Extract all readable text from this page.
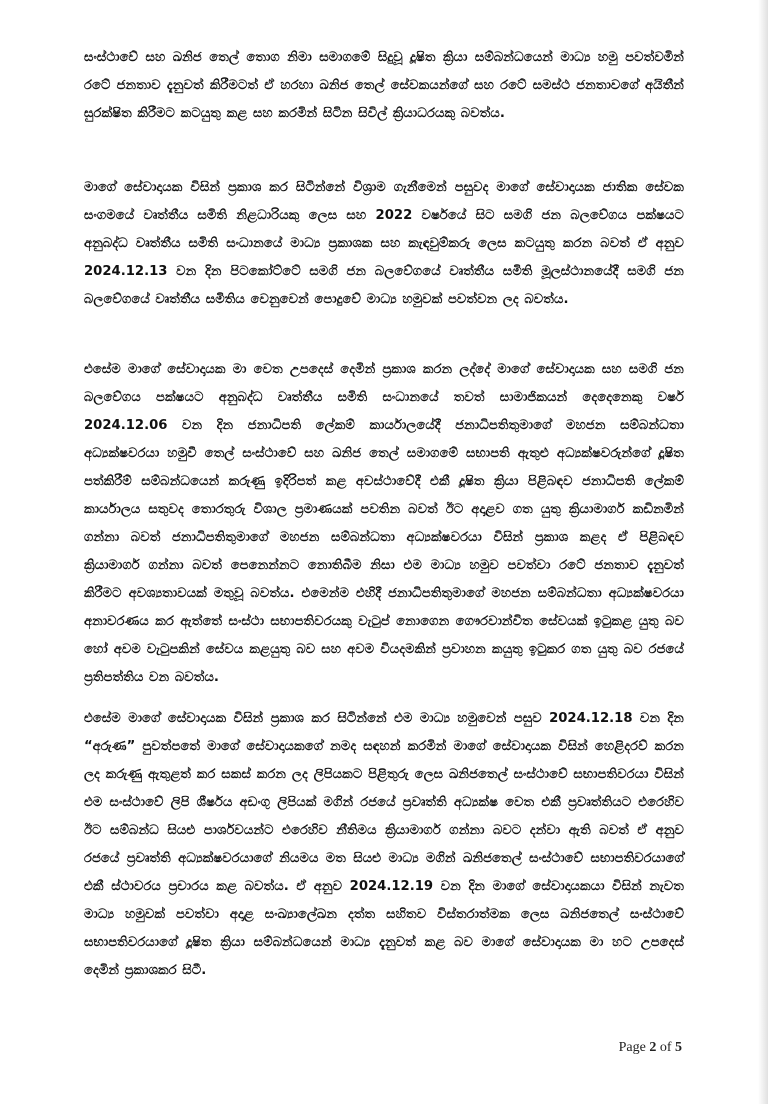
සංස්ථාවේ සහ ඛනිජ තෙල් තොග නිමා සමාගමේ සිදුවූ දූෂිත ක්‍රියා සම්බන්ධයෙන් මාධ්‍ය හමු පවත්වමින් රටේ ජනතාව දැනුවත් කිරීමටත් ඒ හරහා ඛනිජ තෙල් සේවකයන්ගේ සහ රටේ සමස්ථ ජනතාවගේ අයිතීන් සුරක්ෂිත කිරීමට කටයුතු කළ සහ කරමින් සිටින සිවිල් ක්‍රියාධරයකු බවත්ය.

මාගේ සේවාදායක විසින් ප්‍රකාශ කර සිටින්නේ විශ්‍රාම ගැනීමෙන් පසුවද මාගේ සේවාදායක ජාතික සේවක සංගමයේ වෘත්තීය සමිති නිළධාරියකු ලෙස සහ 2022 වර්ෂයේ සිට සමගි ජන බලවේගය පක්ෂයට අනුබද්ධ වෘත්තීය සමිති සංධානයේ මාධ්‍ය ප්‍රකාශක සහ කැඳවුම්කරු ලෙස කටයුතු කරන බවත් ඒ අනුව 2024.12.13 වන දින පිටකෝට්ටේ සමගි ජන බලවේගයේ වෘත්තීය සමිති මූලස්ථානයේදී සමගි ජන බලවේගයේ වෘත්තීය සමිතිය වෙනුවෙන් පොදුවේ මාධ්‍ය හමුවක් පවත්වන ලද බවත්ය.

එසේම මාගේ සේවාදායක මා වෙත උපදෙස් දෙමින් ප්‍රකාශ කරන ලද්දේ මාගේ සේවාදායක සහ සමගි ජන බලවේගය පක්ෂයට අනුබද්ධ වෘත්තීය සමිති සංධානයේ තවත් සාමාජිකයන් දෙදෙනෙකු වර්ෂ 2024.12.06 වන දින ජනාධිපති ලේකම් කාර්යාලයේදී ජනාධිපතිතුමාගේ මහජන සම්බන්ධතා අධ්‍යක්ෂවරයා හමුවී තෙල් සංස්ථාවේ සහ ඛනිජ තෙල් සමාගමේ සභාපති ඇතුළු අධ්‍යක්ෂවරුන්ගේ දූෂිත පත්කිරීම් සම්බන්ධයෙන් කරුණු ඉදිරිපත් කළ අවස්ථාවේදී එකී දූෂිත ක්‍රියා පිළිබඳව ජනාධිපති ලේකම් කාර්යාලය සතුවද තොරතුරු විශාල ප්‍රමාණයක් පවතින බවත් ඊට අදාළව ගත යුතු ක්‍රියාමාර්ග කඩිනමින් ගන්නා බවත් ජනාධිපතිතුමාගේ මහජන සම්බන්ධතා අධ්‍යක්ෂවරයා විසින් ප්‍රකාශ කළද ඒ පිළිබඳව ක්‍රියාමාර්ග ගන්නා බවත් පෙනෙන්නට නොතිබීම නිසා එම මාධ්‍ය හමුව පවත්වා රටේ ජනතාව දැනුවත් කිරීමට අවශ්‍යතාවයක් මතුවූ බවත්ය. එමෙන්ම එහිදී ජනාධිපතිතුමාගේ මහජන සම්බන්ධතා අධ්‍යක්ෂවරයා අනාවරණය කර ඇත්තේ සංස්ථා සභාපතිවරයකු වැටුප් නොගෙන ගෞරවාන්විත සේවයක් ඉටුකළ යුතු බව හෝ අවම වැටුපකින් සේවය කළයුතු බව සහ අවම වියදමකින් ප්‍රවාහන කයුතු ඉටුකර ගත යුතු බව රජයේ ප්‍රතිපත්තිය වන බවත්ය.

එසේම මාගේ සේවාදායක විසින් ප්‍රකාශ කර සිටින්නේ එම මාධ්‍ය හමුවෙන් පසුව 2024.12.18 වන දින “අරුණ” පුවත්පතේ මාගේ සේවාදායකගේ නමද සඳහන් කරමින් මාගේ සේවාදායක විසින් හෙළිදරව් කරන ලද කරුණු ඇතුළත් කර සකස් කරන ලද ලිපියකට පිළිතුරු ලෙස ඛනිජතෙල් සංස්ථාවේ සභාපතිවරයා විසින් එම සංස්ථාවේ ලිපි ශීර්ෂය අඩංගු ලිපියක් මගින් රජයේ ප්‍රවෘත්ති අධ්‍යක්ෂ වෙත එකී ප්‍රවෘත්තියට එරෙහිව ඊට සම්බන්ධ සියළු පාර්ශවයන්ට එරෙහිව නීතිමය ක්‍රියාමාර්ග ගන්නා බවට දන්වා ඇති බවත් ඒ අනුව රජයේ ප්‍රවෘත්ති අධ්‍යක්ෂවරයාගේ නියමය මත සියළු මාධ්‍ය මගින් ඛනිජතෙල් සංස්ථාවේ සභාපතිවරයාගේ එකී ස්ථාවරය ප්‍රචාරය කළ බවත්ය. ඒ අනුව 2024.12.19 වන දින මාගේ සේවාදායකයා විසින් නැවත මාධ්‍ය හමුවක් පවත්වා අදාළ සංඛ්‍යාලේඛන දත්ත සහිතව විස්තරාත්මක ලෙස ඛනිජතෙල් සංස්ථාවේ සභාපතිවරයාගේ දූෂිත ක්‍රියා සම්බන්ධයෙන් මාධ්‍ය දැනුවත් කළ බව මාගේ සේවාදායක මා හට උපදෙස් දෙමින් ප්‍රකාශකර සිටී.

Page 2 of 5
